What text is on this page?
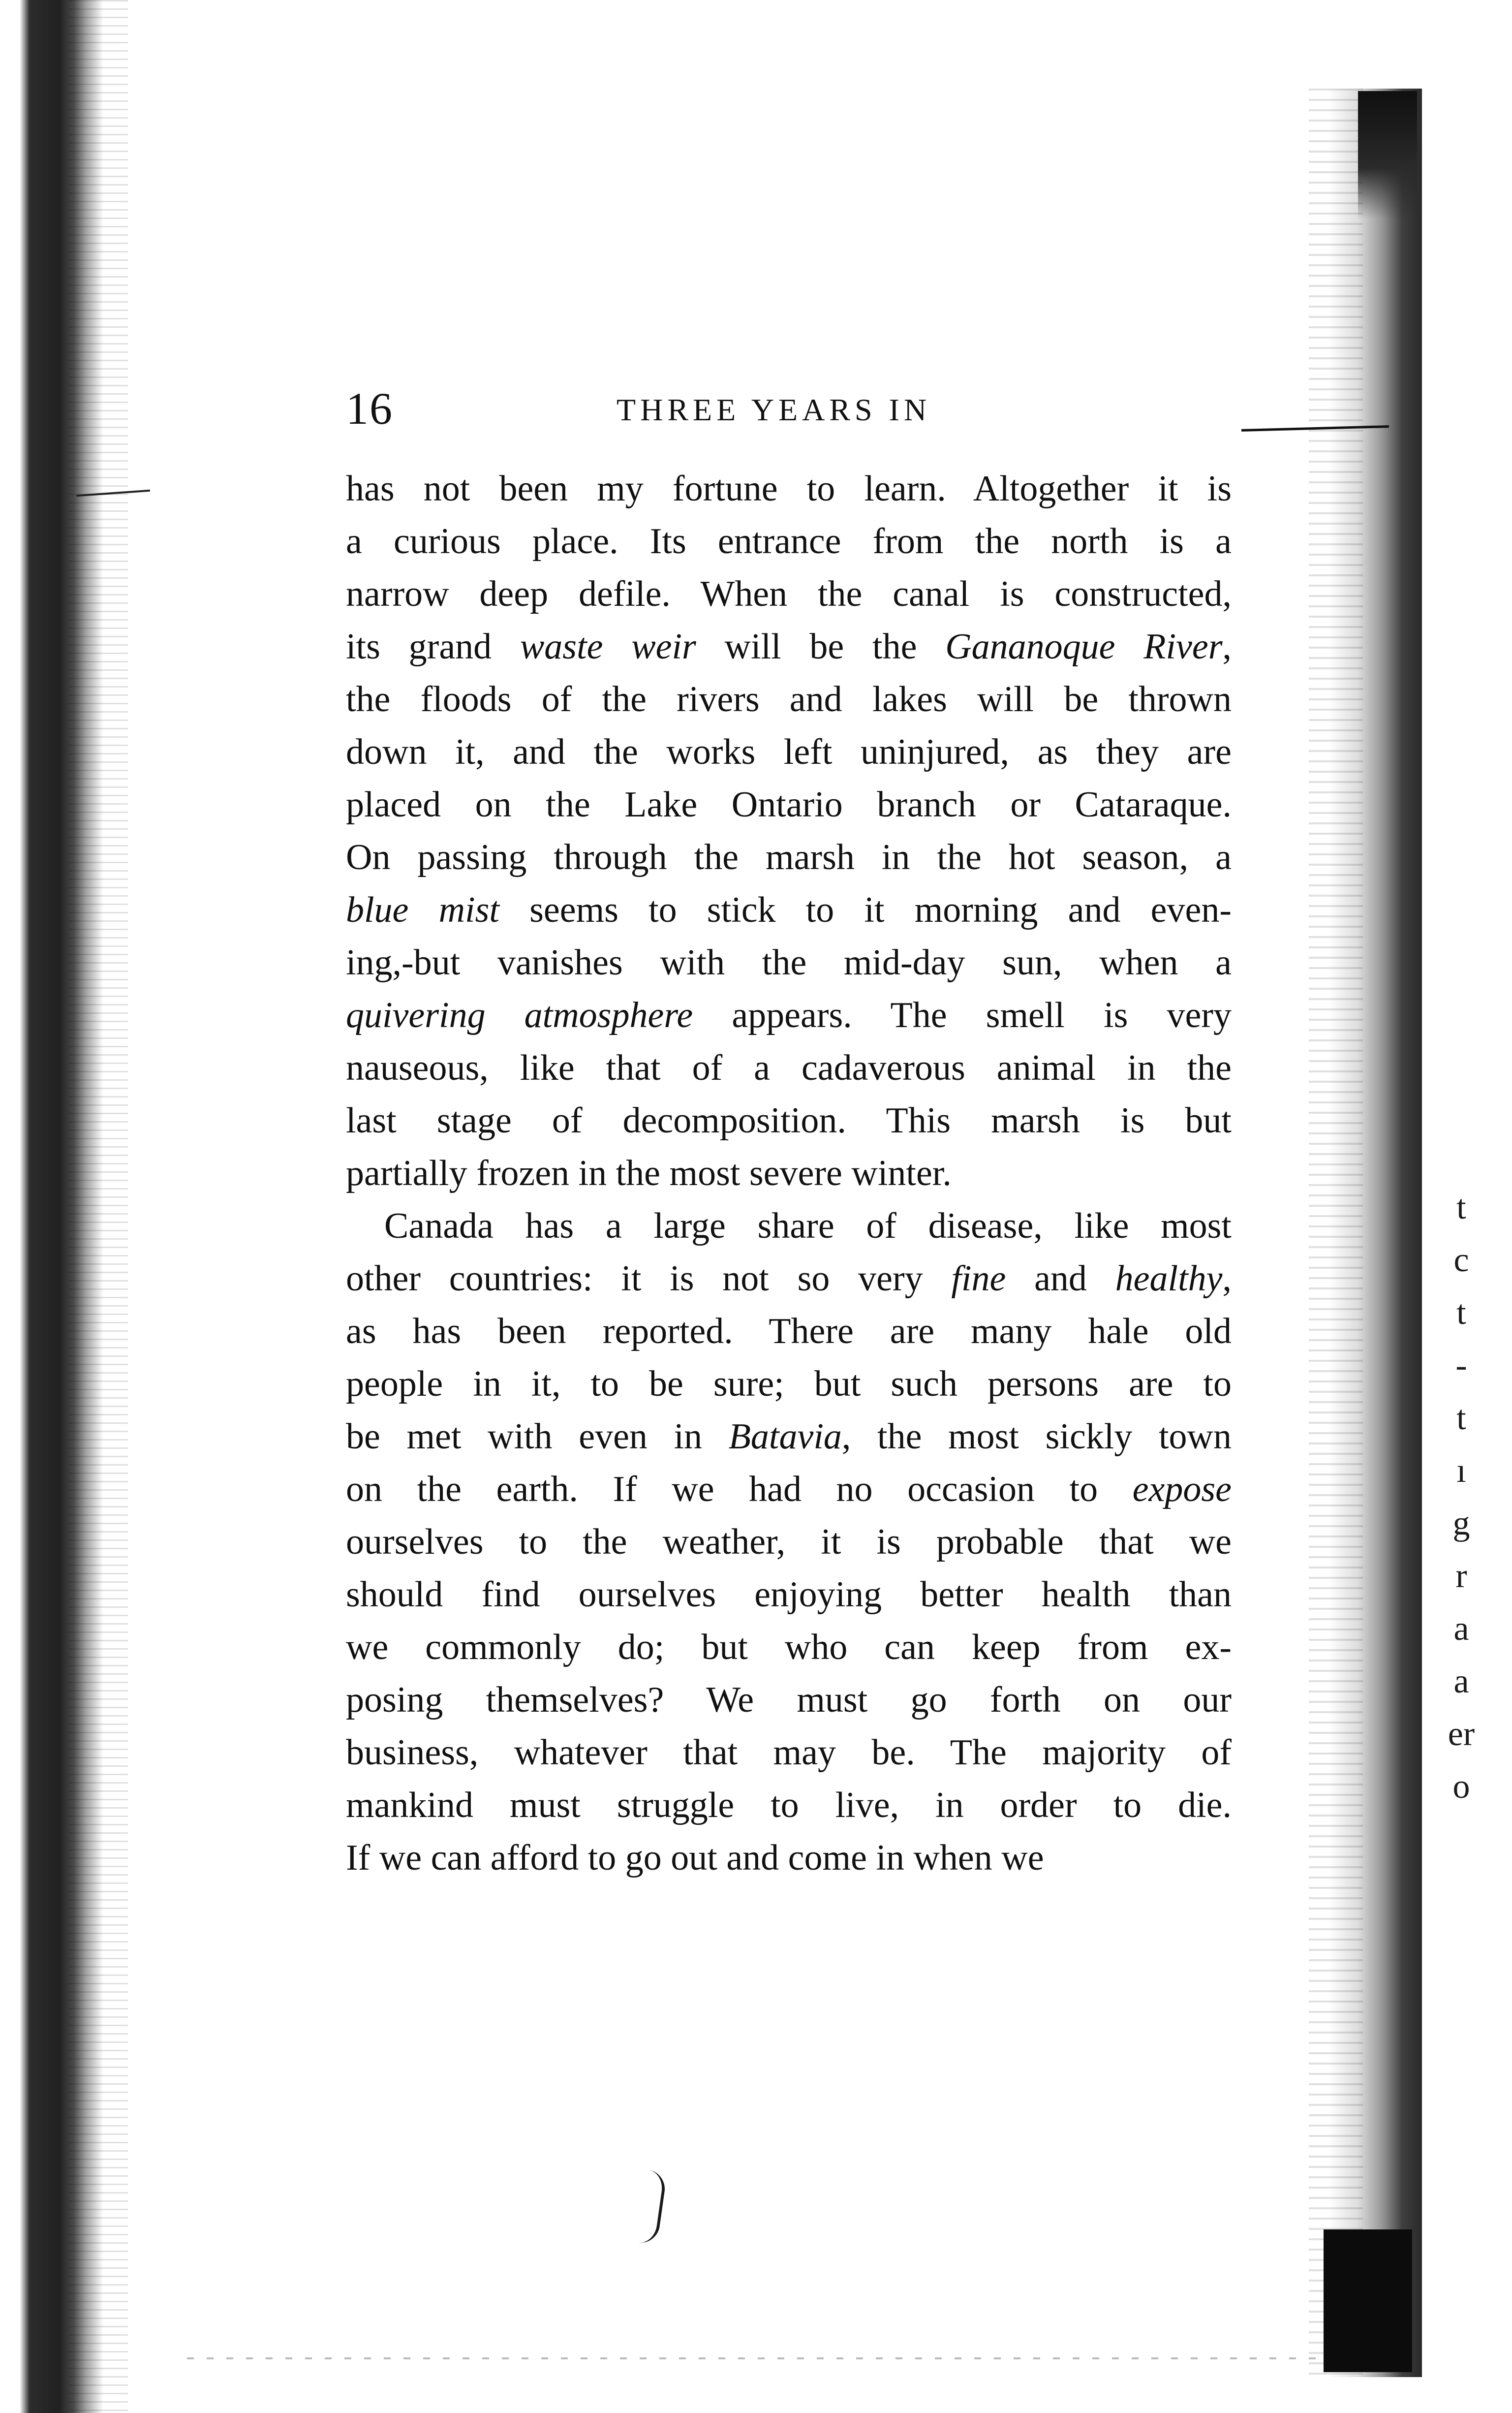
16	THREE YEARS IN
has not been my fortune to learn. Altogether it is
a curious place. Its entrance from the north is a
narrow deep defile. When the canal is constructed,
its grand waste weir will be the Gananoque River,
the floods of the rivers and lakes will be thrown
down it, and the works left uninjured, as they are
placed on the Lake Ontario branch or Cataraque.
On passing through the marsh in the hot season, a
blue mist seems to stick to it morning and even-
ing,-but vanishes with the mid-day sun, when a
quivering atmosphere appears. The smell is very
nauseous, like that of a cadaverous animal in the
last stage of decomposition. This marsh is but
partially frozen in the most severe winter.
Canada has a large share of disease, like most
other countries: it is not so very fine and healthy,
as has been reported. There are many hale old
people in it, to be sure; but such persons are to
be met with even in Batavia, the most sickly town
on the earth. If we had no occasion to expose
ourselves to the weather, it is probable that we
should find ourselves enjoying better health than
we commonly do; but who can keep from ex-
posing themselves? We must go forth on our
business, whatever that may be. The majority of
mankind must struggle to live, in order to die.
If we can afford to go out and come in when we
t
c
t
-
t
ı
g
r
a
a
er
o
